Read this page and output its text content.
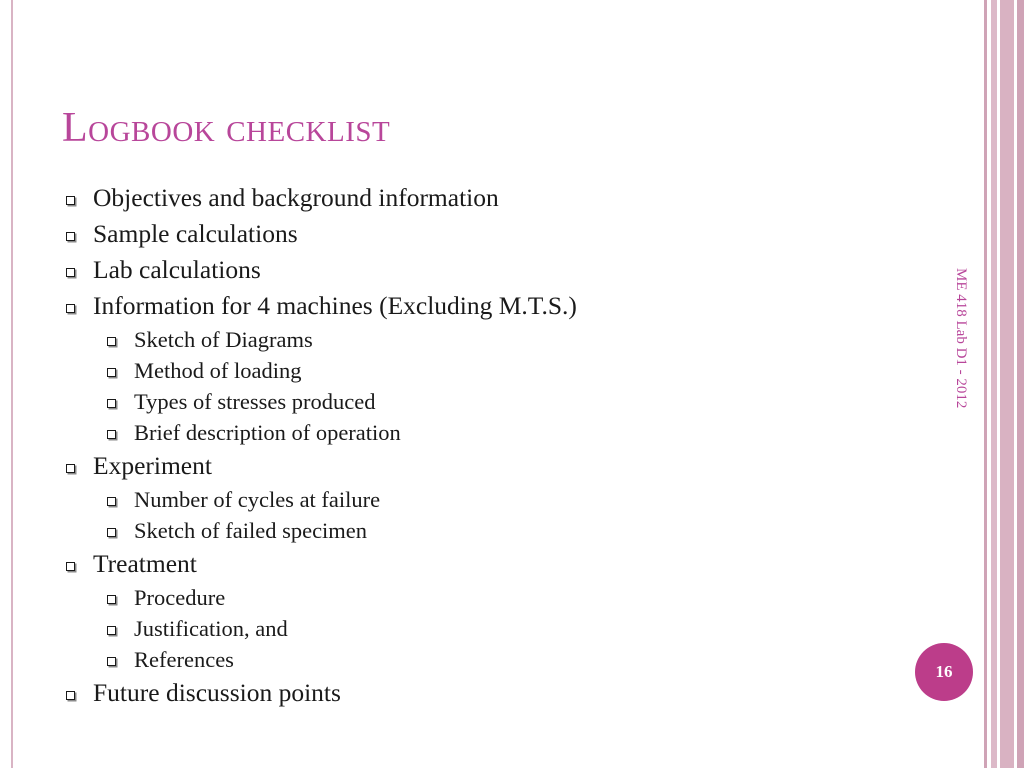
Logbook checklist
Objectives and background information
Sample calculations
Lab calculations
Information for 4 machines (Excluding M.T.S.)
Sketch of Diagrams
Method of loading
Types of stresses produced
Brief description of operation
Experiment
Number of cycles at failure
Sketch of failed specimen
Treatment
Procedure
Justification, and
References
Future discussion points
ME 418 Lab D1 - 2012
16
